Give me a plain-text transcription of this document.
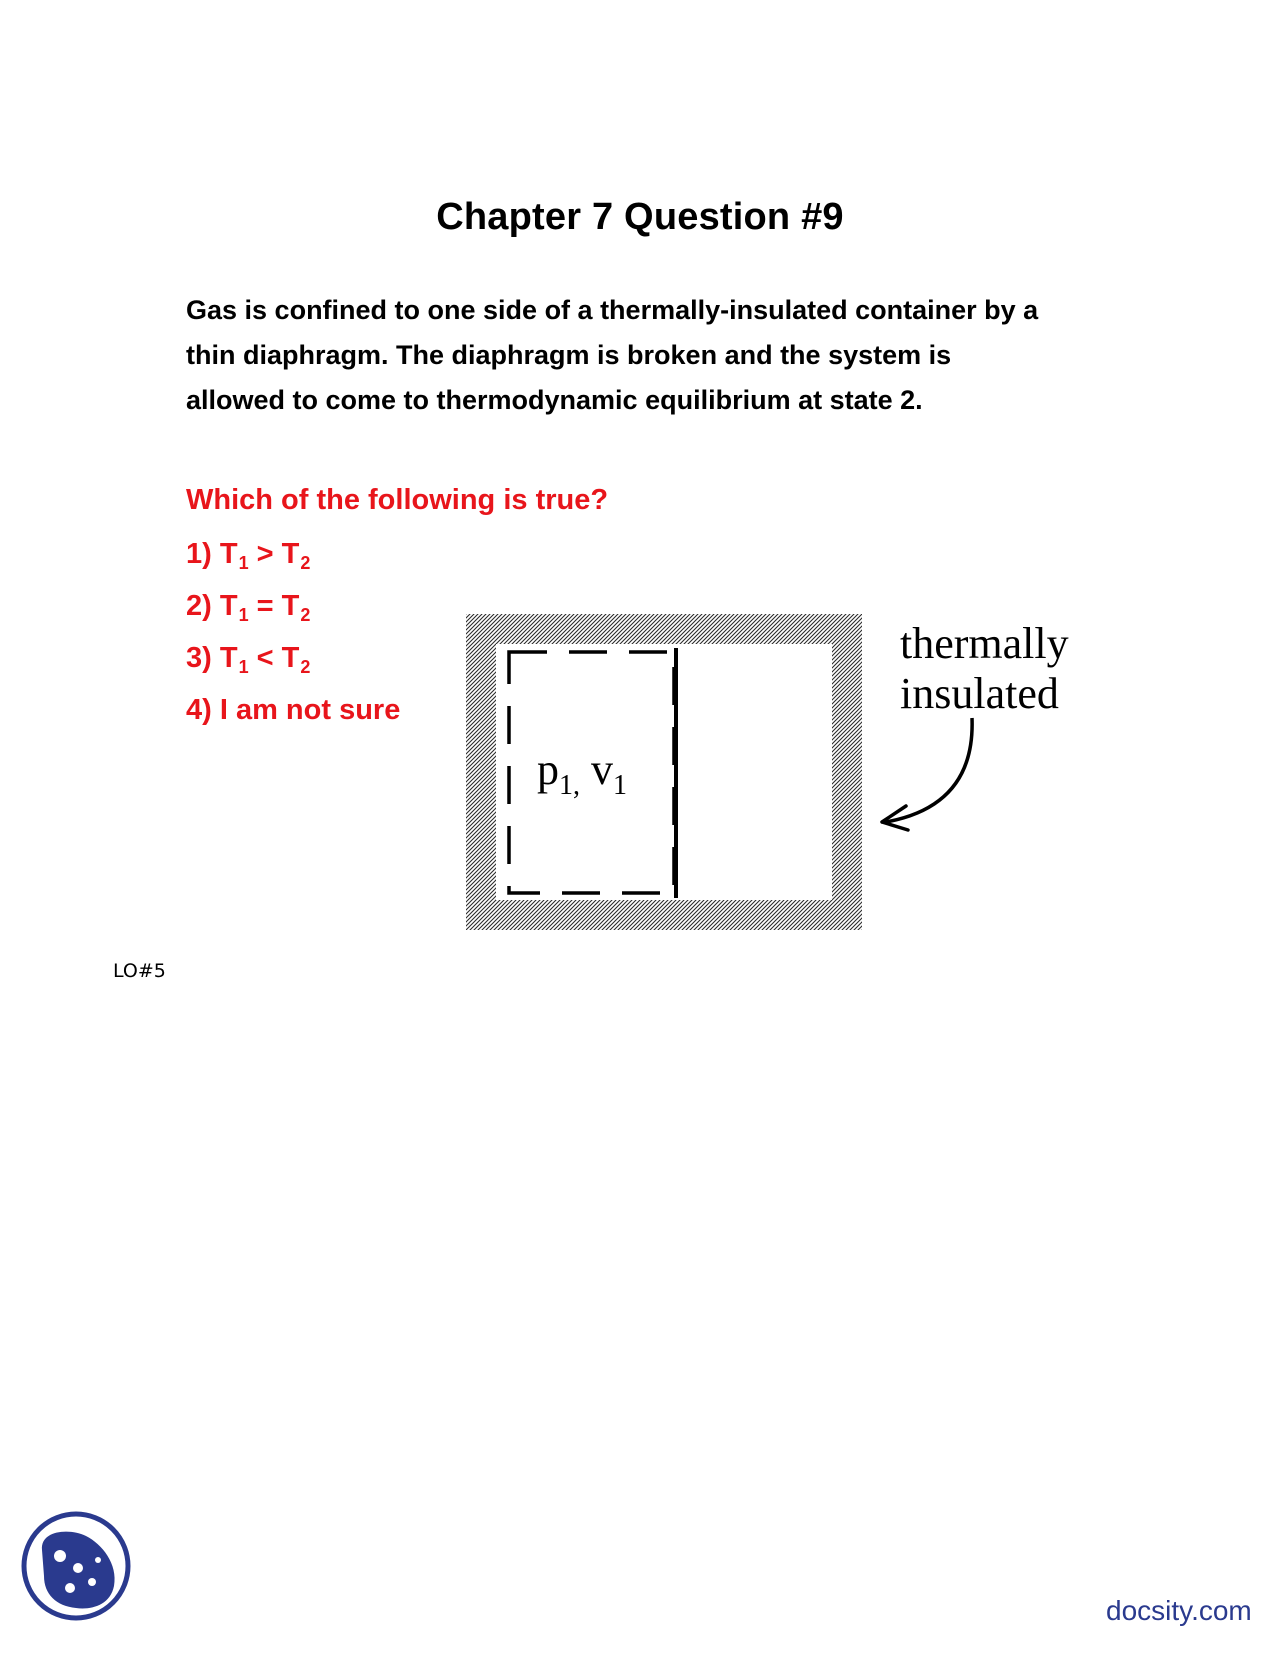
Chapter 7 Question #9

Gas is confined to one side of a thermally-insulated container by a

thin diaphragm. The diaphragm is broken and the system is

allowed to come to thermodynamic equilibrium at state 2.

Which of the following is true?
1) $T_1 > T_2$
2) $T_1 = T_2$
3) $T_1 < T_2$
4) I am not sure
$p_{1,}$ $v_1$
thermally
insulated
LO#5
docsity.com
